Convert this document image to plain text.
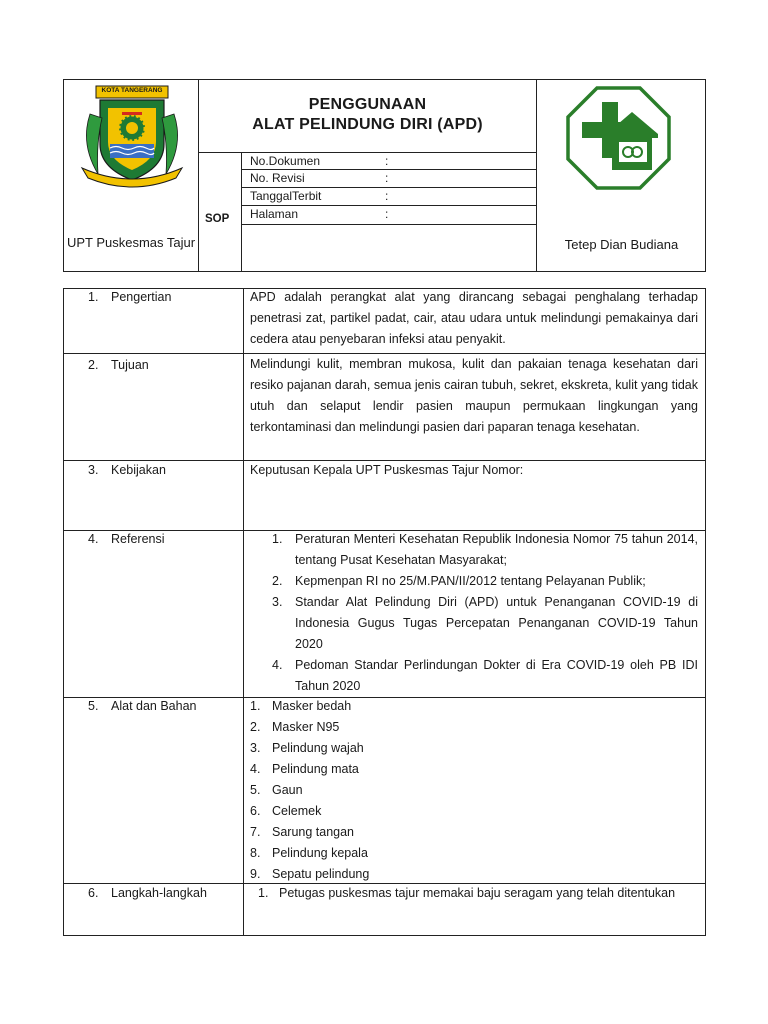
KOTA TANGERANG
UPT Puskesmas Tajur
PENGGUNAAN
ALAT PELINDUNG DIRI (APD)
SOP
No.Dokumen	:
No. Revisi	:
TanggalTerbit	:
Halaman	:
Tetep Dian Budiana
1. Pengertian	APD adalah perangkat alat yang dirancang sebagai penghalang terhadap penetrasi zat, partikel padat, cair, atau udara untuk melindungi pemakainya dari cedera atau penyebaran infeksi atau penyakit.
2. Tujuan	Melindungi kulit, membran mukosa, kulit dan pakaian tenaga kesehatan dari resiko pajanan darah, semua jenis cairan tubuh, sekret, ekskreta, kulit yang tidak utuh dan selaput lendir pasien maupun permukaan lingkungan yang terkontaminasi dan melindungi pasien dari paparan tenaga kesehatan.
3. Kebijakan	Keputusan Kepala UPT Puskesmas Tajur Nomor:
4. Referensi	1. Peraturan Menteri Kesehatan Republik Indonesia Nomor 75 tahun 2014, tentang Pusat Kesehatan Masyarakat;
2. Kepmenpan RI no 25/M.PAN/II/2012 tentang Pelayanan Publik;
3. Standar Alat Pelindung Diri (APD) untuk Penanganan COVID-19 di Indonesia Gugus Tugas Percepatan Penanganan COVID-19 Tahun 2020
4. Pedoman Standar Perlindungan Dokter di Era COVID-19 oleh PB IDI Tahun 2020
5. Alat dan Bahan	1. Masker bedah
2. Masker N95
3. Pelindung wajah
4. Pelindung mata
5. Gaun
6. Celemek
7. Sarung tangan
8. Pelindung kepala
9. Sepatu pelindung
6. Langkah-langkah	1. Petugas puskesmas tajur memakai baju seragam yang telah ditentukan
